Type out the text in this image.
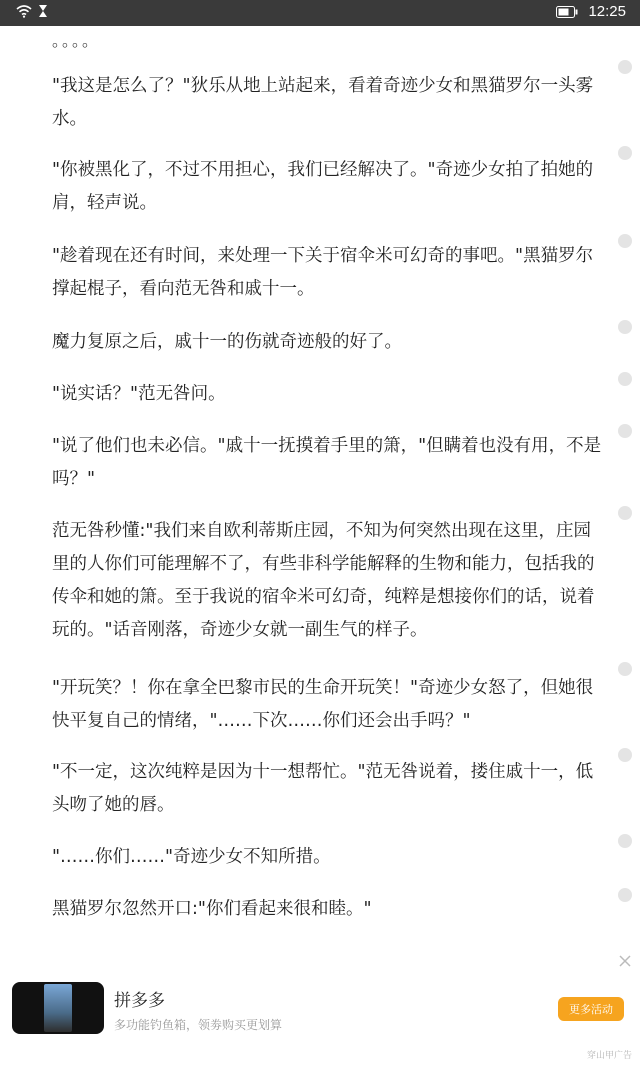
12:25
。。。。

"我这是怎么了？"狄乐从地上站起来，看着奇迹少女和黑猫罗尔一头雾水。

"你被黑化了，不过不用担心，我们已经解决了。"奇迹少女拍了拍她的肩，轻声说。

"趁着现在还有时间，来处理一下关于宿伞米可幻奇的事吧。"黑猫罗尔撑起棍子，看向范无咎和戚十一。

魔力复原之后，戚十一的伤就奇迹般的好了。

"说实话？"范无咎问。

"说了他们也未必信。"戚十一抚摸着手里的箫，"但瞒着也没有用，不是吗？"

范无咎秒懂:"我们来自欧利蒂斯庄园，不知为何突然出现在这里，庄园里的人你们可能理解不了，有些非科学能解释的生物和能力，包括我的传伞和她的箫。至于我说的宿伞米可幻奇，纯粹是想接你们的话，说着玩的。"话音刚落，奇迹少女就一副生气的样子。

"开玩笑？！你在拿全巴黎市民的生命开玩笑！"奇迹少女怒了，但她很快平复自己的情绪，"……下次……你们还会出手吗？"

"不一定，这次纯粹是因为十一想帮忙。"范无咎说着，搂住戚十一，低头吻了她的唇。

"……你们……"奇迹少女不知所措。

黑猫罗尔忽然开口:"你们看起来很和睦。"

拼多多
多功能钓鱼箱，领劵购买更划算
更多活动
穿山甲广告
